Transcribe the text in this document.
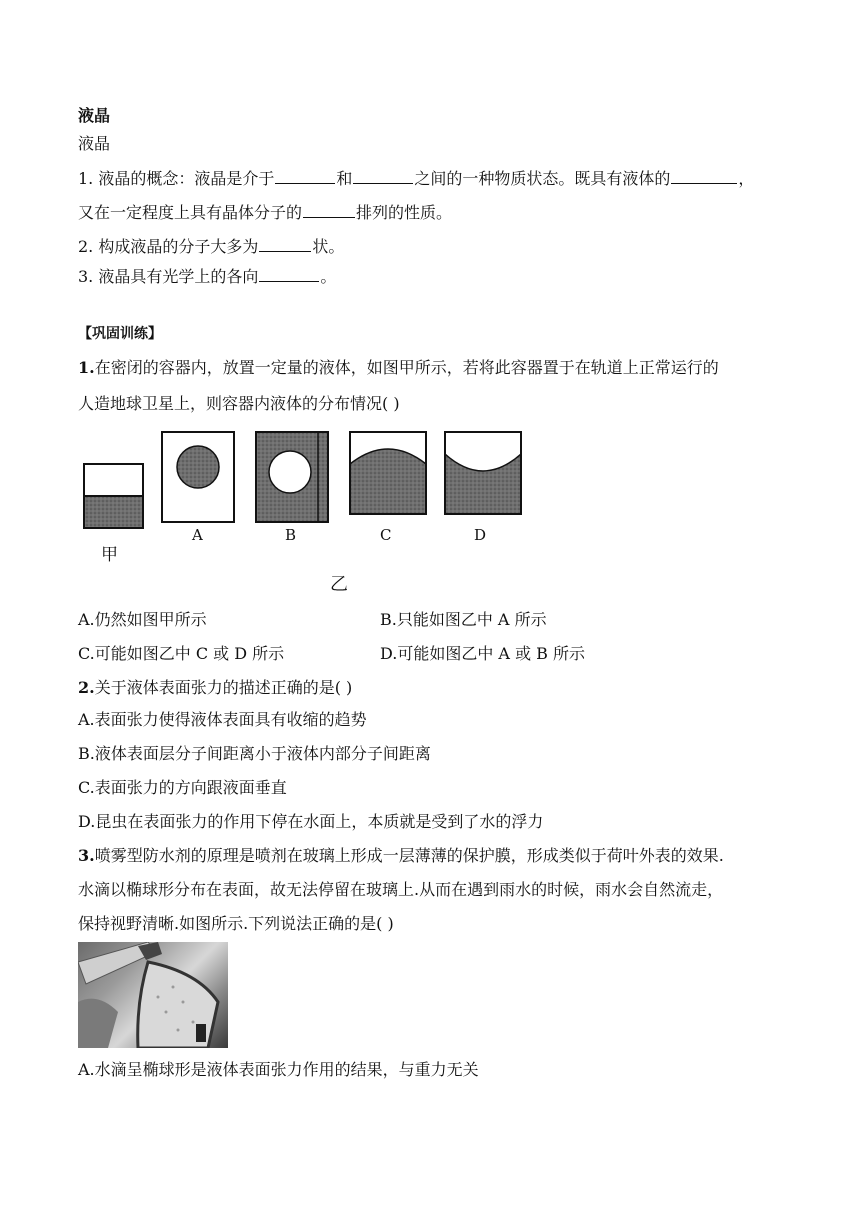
液晶
液晶
1. 液晶的概念：液晶是介于	和	之间的一种物质状态。既具有液体的	，
又在一定程度上具有晶体分子的	排列的性质。
2. 构成液晶的分子大多为	状。
3. 液晶具有光学上的各向	。
【巩固训练】
1.在密闭的容器内，放置一定量的液体，如图甲所示，若将此容器置于在轨道上正常运行的
人造地球卫星上，则容器内液体的分布情况( )
甲
A	B	C	D
乙
A.仍然如图甲所示	B.只能如图乙中 A 所示
C.可能如图乙中 C 或 D 所示	D.可能如图乙中 A 或 B 所示
2.关于液体表面张力的描述正确的是( )
A.表面张力使得液体表面具有收缩的趋势
B.液体表面层分子间距离小于液体内部分子间距离
C.表面张力的方向跟液面垂直
D.昆虫在表面张力的作用下停在水面上，本质就是受到了水的浮力
3.喷雾型防水剂的原理是喷剂在玻璃上形成一层薄薄的保护膜，形成类似于荷叶外表的效果.
水滴以椭球形分布在表面，故无法停留在玻璃上.从而在遇到雨水的时候，雨水会自然流走，
保持视野清晰.如图所示.下列说法正确的是( )
A.水滴呈椭球形是液体表面张力作用的结果，与重力无关
